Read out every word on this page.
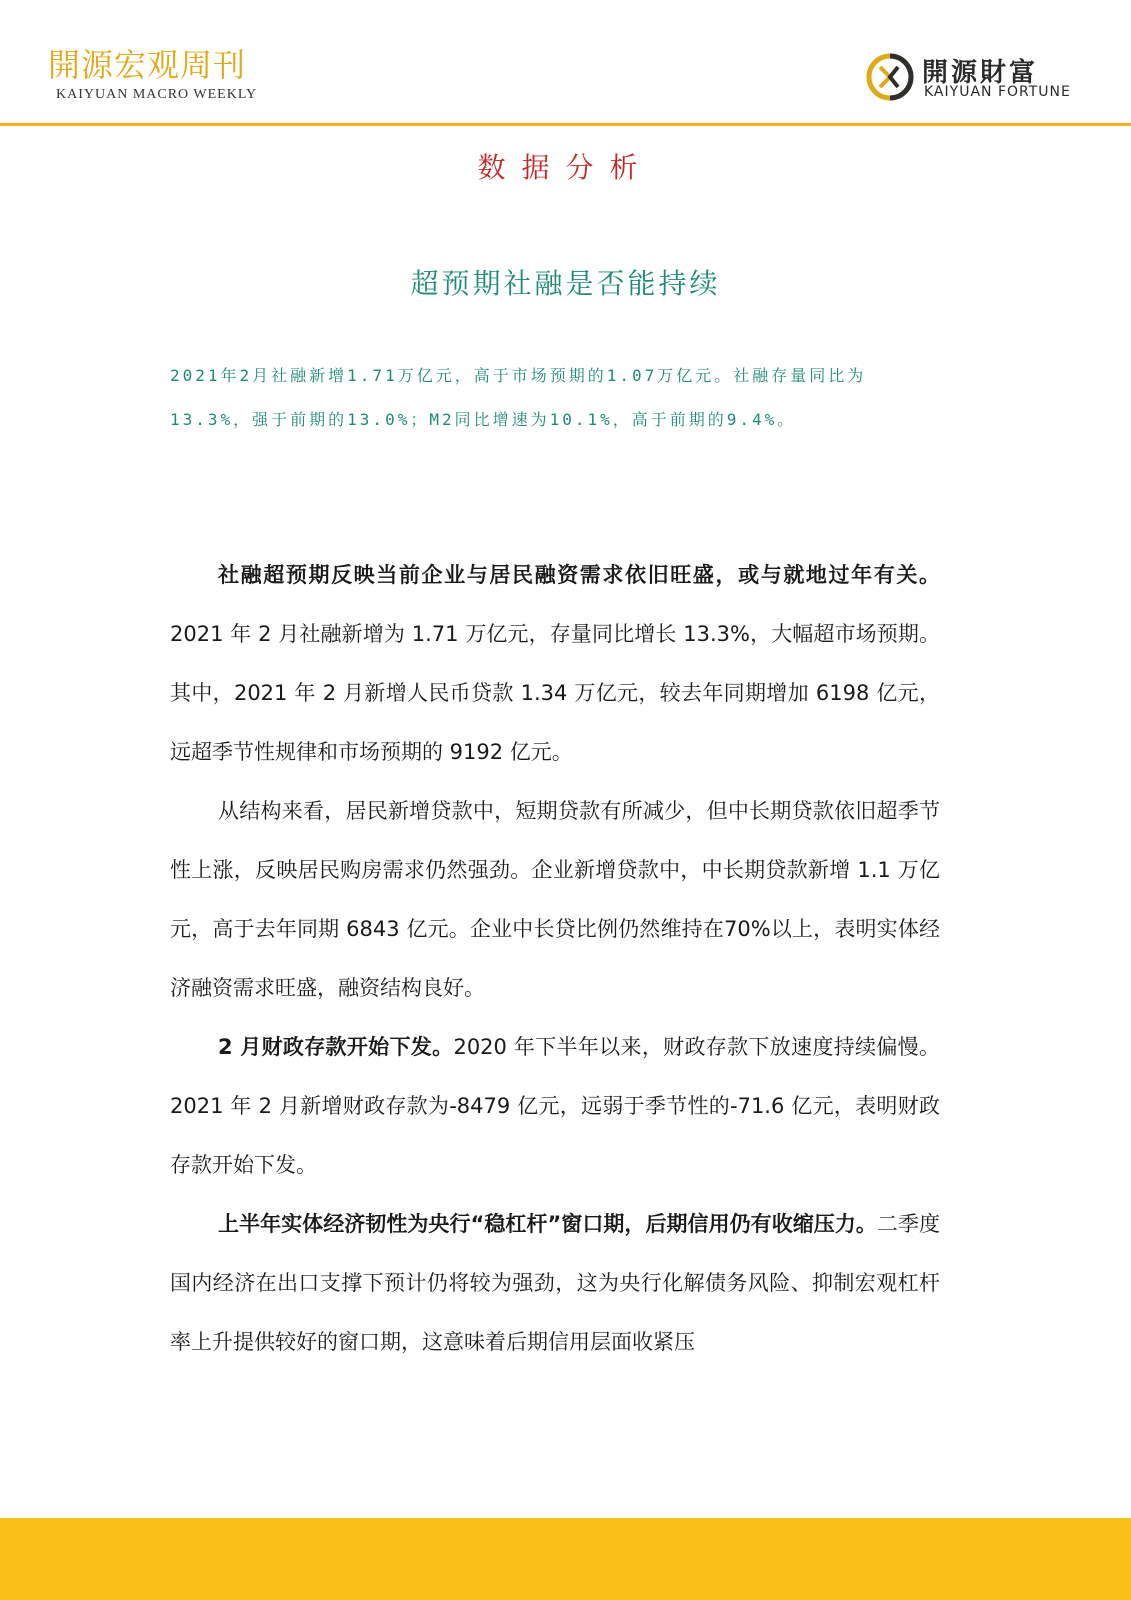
開源宏观周刊
KAIYUAN MACRO WEEKLY
開源財富
KAIYUAN FORTUNE
数据分析
超预期社融是否能持续

2021年2月社融新增1.71万亿元，高于市场预期的1.07万亿元。社融存量同比为13.3%，强于前期的13.0%；M2同比增速为10.1%，高于前期的9.4%。

社融超预期反映当前企业与居民融资需求依旧旺盛，或与就地过年有关。2021 年 2 月社融新增为 1.71 万亿元，存量同比增长 13.3%，大幅超市场预期。其中，2021 年 2 月新增人民币贷款 1.34 万亿元，较去年同期增加 6198 亿元，远超季节性规律和市场预期的 9192 亿元。

从结构来看，居民新增贷款中，短期贷款有所减少，但中长期贷款依旧超季节性上涨，反映居民购房需求仍然强劲。企业新增贷款中，中长期贷款新增 1.1 万亿元，高于去年同期 6843 亿元。企业中长贷比例仍然维持在70%以上，表明实体经济融资需求旺盛，融资结构良好。

2 月财政存款开始下发。2020 年下半年以来，财政存款下放速度持续偏慢。2021 年 2 月新增财政存款为-8479 亿元，远弱于季节性的-71.6 亿元，表明财政存款开始下发。

上半年实体经济韧性为央行“稳杠杆”窗口期，后期信用仍有收缩压力。二季度国内经济在出口支撑下预计仍将较为强劲，这为央行化解债务风险、抑制宏观杠杆率上升提供较好的窗口期，这意味着后期信用层面收紧压
